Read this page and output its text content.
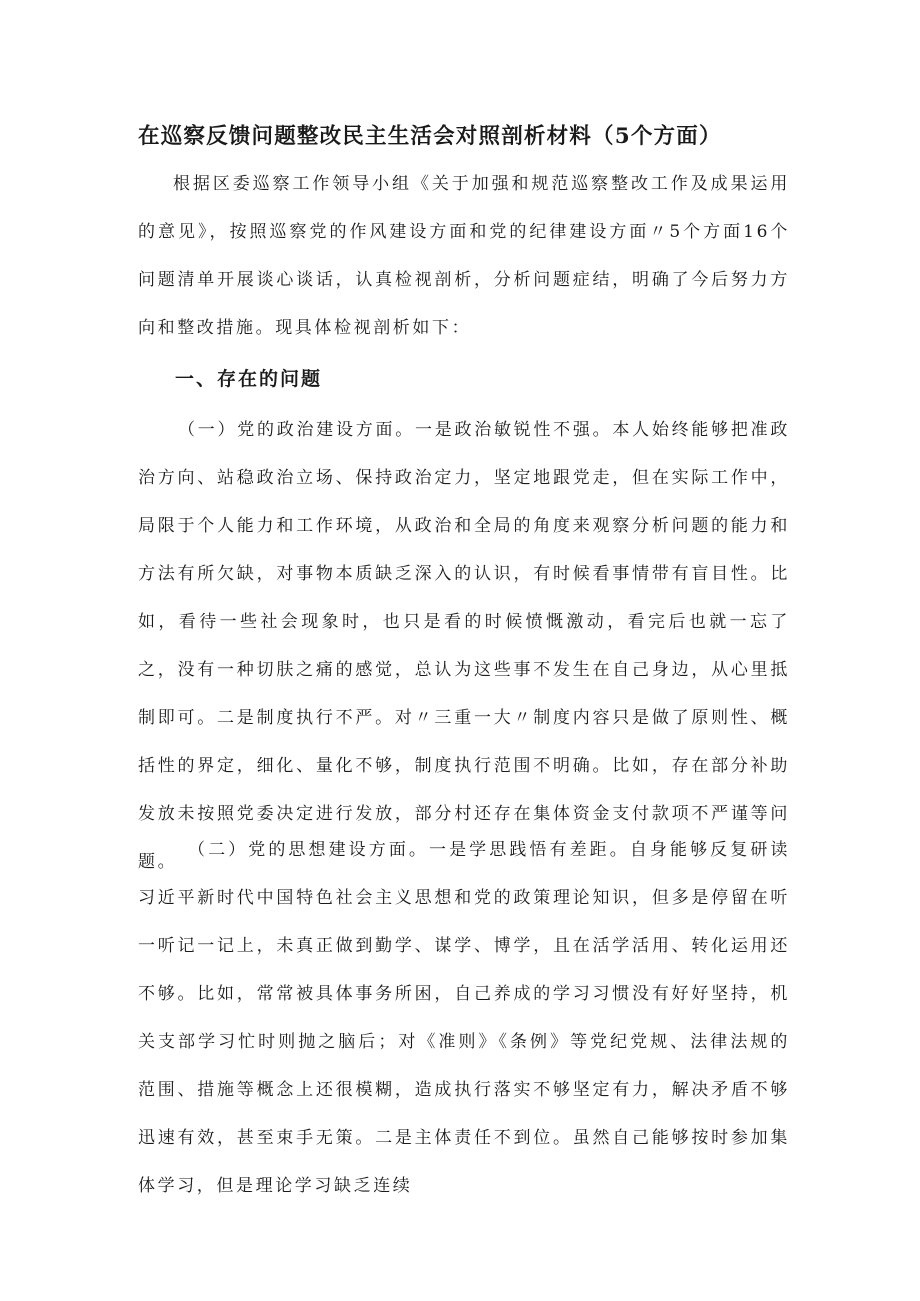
在巡察反馈问题整改民主生活会对照剖析材料（5个方面）

根据区委巡察工作领导小组《关于加强和规范巡察整改工作及成果运用的意见》，按照巡察党的作风建设方面和党的纪律建设方面〃5个方面16个问题清单开展谈心谈话，认真检视剖析，分析问题症结，明确了今后努力方向和整改措施。现具体检视剖析如下：

一、存在的问题

（一）党的政治建设方面。一是政治敏锐性不强。本人始终能够把准政治方向、站稳政治立场、保持政治定力，坚定地跟党走，但在实际工作中，局限于个人能力和工作环境，从政治和全局的角度来观察分析问题的能力和方法有所欠缺，对事物本质缺乏深入的认识，有时候看事情带有盲目性。比如，看待一些社会现象时，也只是看的时候愤慨激动，看完后也就一忘了之，没有一种切肤之痛的感觉，总认为这些事不发生在自己身边，从心里抵制即可。二是制度执行不严。对〃三重一大〃制度内容只是做了原则性、概括性的界定，细化、量化不够，制度执行范围不明确。比如，存在部分补助发放未按照党委决定进行发放，部分村还存在集体资金支付款项不严谨等问题。

（二）党的思想建设方面。一是学思践悟有差距。自身能够反复研读习近平新时代中国特色社会主义思想和党的政策理论知识，但多是停留在听一听记一记上，未真正做到勤学、谋学、博学，且在活学活用、转化运用还不够。比如，常常被具体事务所困，自己养成的学习习惯没有好好坚持，机关支部学习忙时则抛之脑后；对《准则》《条例》等党纪党规、法律法规的范围、措施等概念上还很模糊，造成执行落实不够坚定有力，解决矛盾不够迅速有效，甚至束手无策。二是主体责任不到位。虽然自己能够按时参加集体学习，但是理论学习缺乏连续
